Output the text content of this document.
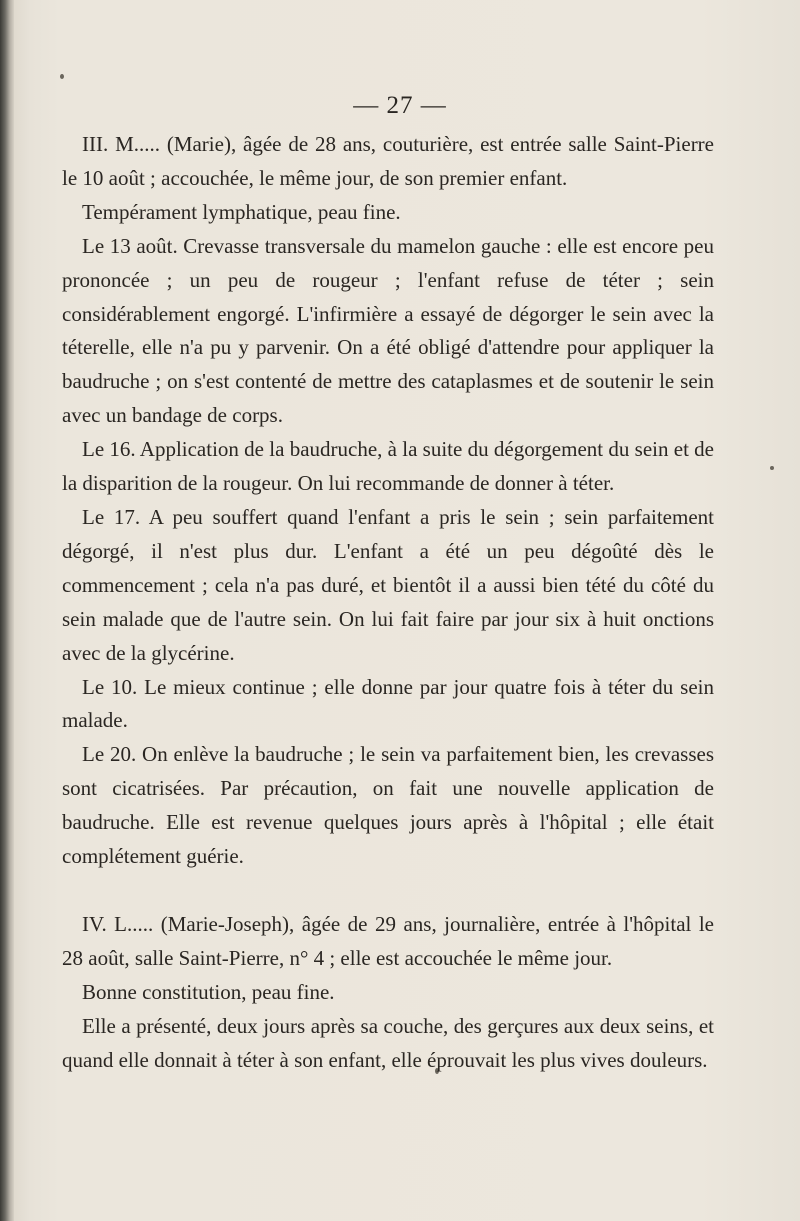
— 27 —

III. M..... (Marie), âgée de 28 ans, couturière, est entrée salle Saint-Pierre le 10 août ; accouchée, le même jour, de son premier enfant.

Tempérament lymphatique, peau fine.

Le 13 août. Crevasse transversale du mamelon gauche : elle est encore peu prononcée ; un peu de rougeur ; l'enfant refuse de téter ; sein considérablement engorgé. L'infirmière a essayé de dégorger le sein avec la téterelle, elle n'a pu y parvenir. On a été obligé d'attendre pour appliquer la baudruche ; on s'est contenté de mettre des cataplasmes et de soutenir le sein avec un bandage de corps.

Le 16. Application de la baudruche, à la suite du dégorgement du sein et de la disparition de la rougeur. On lui recommande de donner à téter.

Le 17. A peu souffert quand l'enfant a pris le sein ; sein parfaitement dégorgé, il n'est plus dur. L'enfant a été un peu dégoûté dès le commencement ; cela n'a pas duré, et bientôt il a aussi bien tété du côté du sein malade que de l'autre sein. On lui fait faire par jour six à huit onctions avec de la glycérine.

Le 10. Le mieux continue ; elle donne par jour quatre fois à téter du sein malade.

Le 20. On enlève la baudruche ; le sein va parfaitement bien, les crevasses sont cicatrisées. Par précaution, on fait une nouvelle application de baudruche. Elle est revenue quelques jours après à l'hôpital ; elle était complétement guérie.

IV. L..... (Marie-Joseph), âgée de 29 ans, journalière, entrée à l'hôpital le 28 août, salle Saint-Pierre, n° 4 ; elle est accouchée le même jour.

Bonne constitution, peau fine.

Elle a présenté, deux jours après sa couche, des gerçures aux deux seins, et quand elle donnait à téter à son enfant, elle éprouvait les plus vives douleurs.
